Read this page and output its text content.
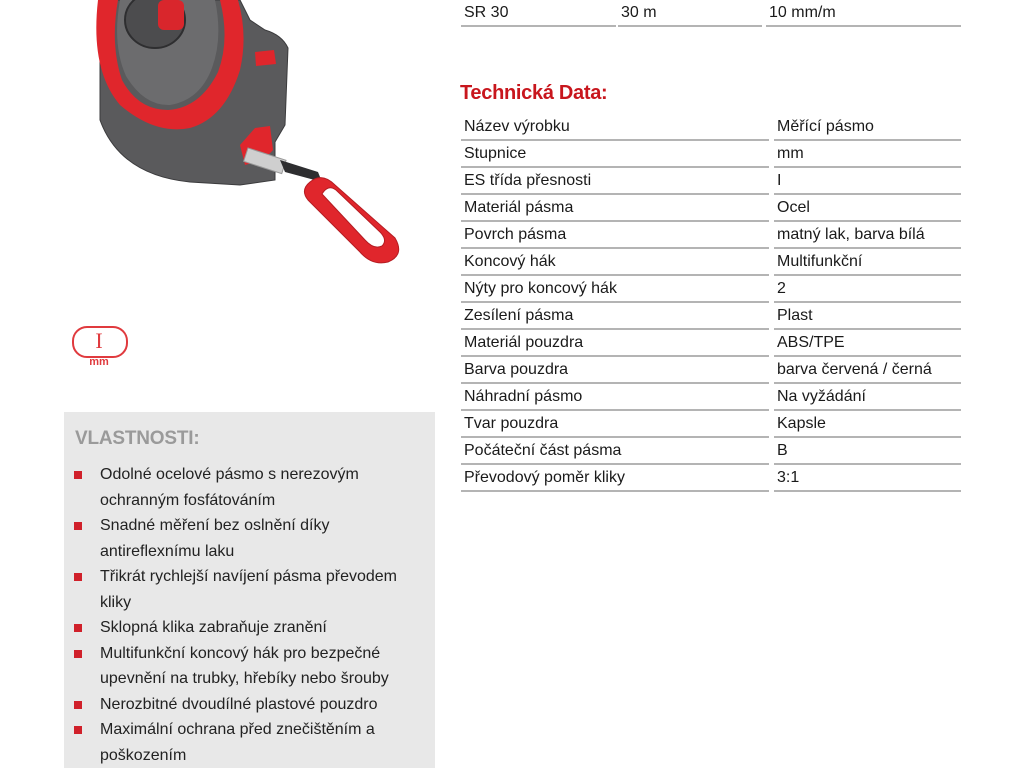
I
mm
VLASTNOSTI:
Odolné ocelové pásmo s nerezovým
ochranným fosfátováním
Snadné měření bez oslnění díky
antireflexnímu laku
Třikrát rychlejší navíjení pásma převodem
kliky
Sklopná klika zabraňuje zranění
Multifunkční koncový hák pro bezpečné
upevnění na trubky, hřebíky nebo šrouby
Nerozbitné dvoudílné plastové pouzdro
Maximální ochrana před znečištěním a
poškozením
SR 30	30 m	10 mm/m
Technická Data:
Název výrobku	Měřící pásmo
Stupnice	mm
ES třída přesnosti	I
Materiál pásma	Ocel
Povrch pásma	matný lak, barva bílá
Koncový hák	Multifunkční
Nýty pro koncový hák	2
Zesílení pásma	Plast
Materiál pouzdra	ABS/TPE
Barva pouzdra	barva červená / černá
Náhradní pásmo	Na vyžádání
Tvar pouzdra	Kapsle
Počáteční část pásma	B
Převodový poměr kliky	3:1
